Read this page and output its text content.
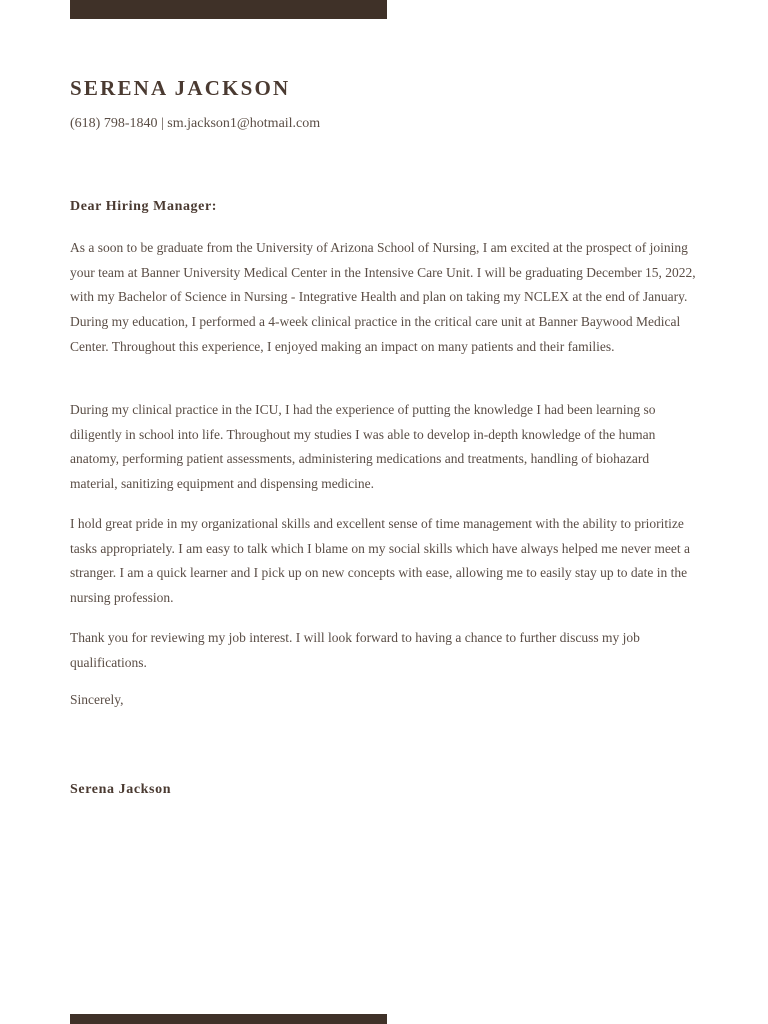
SERENA JACKSON
(618) 798-1840 | sm.jackson1@hotmail.com
Dear Hiring Manager:

As a soon to be graduate from the University of Arizona School of Nursing, I am excited at the prospect of joining your team at Banner University Medical Center in the Intensive Care Unit. I will be graduating December 15, 2022, with my Bachelor of Science in Nursing - Integrative Health and plan on taking my NCLEX at the end of January. During my education, I performed a 4-week clinical practice in the critical care unit at Banner Baywood Medical Center. Throughout this experience, I enjoyed making an impact on many patients and their families.

During my clinical practice in the ICU, I had the experience of putting the knowledge I had been learning so diligently in school into life. Throughout my studies I was able to develop in-depth knowledge of the human anatomy, performing patient assessments, administering medications and treatments, handling of biohazard material, sanitizing equipment and dispensing medicine.

I hold great pride in my organizational skills and excellent sense of time management with the ability to prioritize tasks appropriately. I am easy to talk which I blame on my social skills which have always helped me never meet a stranger. I am a quick learner and I pick up on new concepts with ease, allowing me to easily stay up to date in the nursing profession.

Thank you for reviewing my job interest. I will look forward to having a chance to further discuss my job qualifications.

Sincerely,
Serena Jackson
